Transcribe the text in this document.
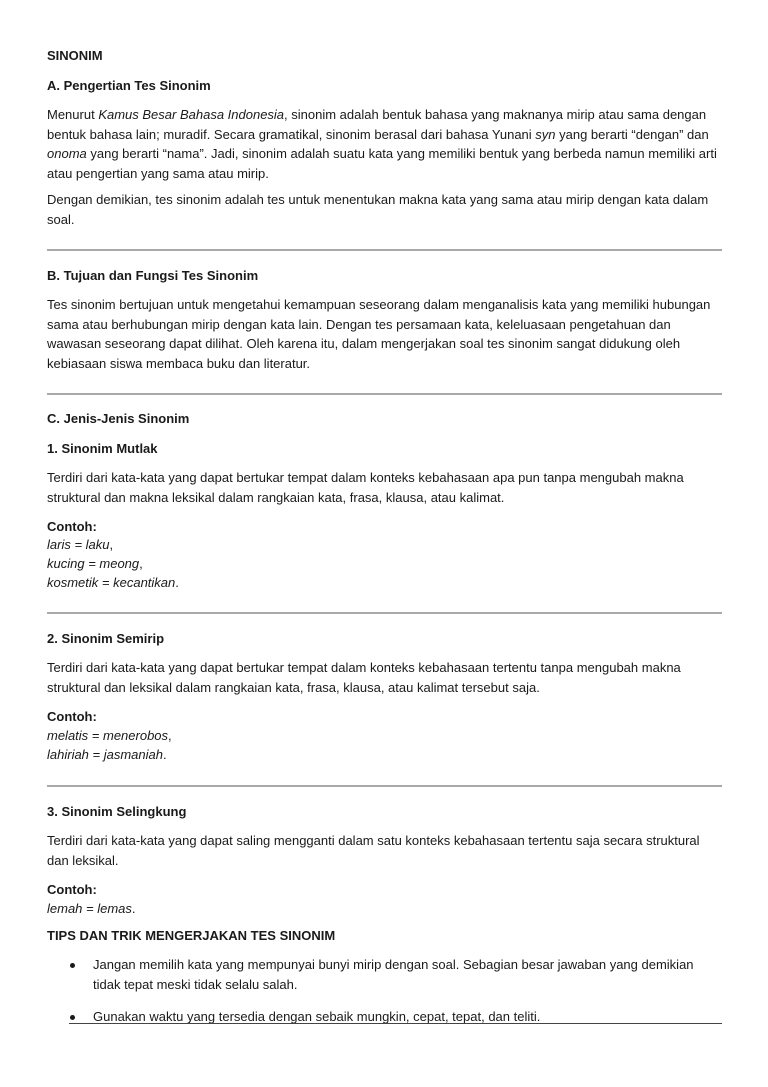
SINONIM
A. Pengertian Tes Sinonim

Menurut Kamus Besar Bahasa Indonesia, sinonim adalah bentuk bahasa yang maknanya mirip atau sama dengan bentuk bahasa lain; muradif. Secara gramatikal, sinonim berasal dari bahasa Yunani syn yang berarti “dengan” dan onoma yang berarti “nama”. Jadi, sinonim adalah suatu kata yang memiliki bentuk yang berbeda namun memiliki arti atau pengertian yang sama atau mirip.

Dengan demikian, tes sinonim adalah tes untuk menentukan makna kata yang sama atau mirip dengan kata dalam soal.

B. Tujuan dan Fungsi Tes Sinonim

Tes sinonim bertujuan untuk mengetahui kemampuan seseorang dalam menganalisis kata yang memiliki hubungan sama atau berhubungan mirip dengan kata lain. Dengan tes persamaan kata, keleluasaan pengetahuan dan wawasan seseorang dapat dilihat. Oleh karena itu, dalam mengerjakan soal tes sinonim sangat didukung oleh kebiasaan siswa membaca buku dan literatur.

C. Jenis-Jenis Sinonim
1. Sinonim Mutlak

Terdiri dari kata-kata yang dapat bertukar tempat dalam konteks kebahasaan apa pun tanpa mengubah makna struktural dan makna leksikal dalam rangkaian kata, frasa, klausa, atau kalimat.

Contoh:
laris = laku,
kucing = meong,
kosmetik = kecantikan.
2. Sinonim Semirip

Terdiri dari kata-kata yang dapat bertukar tempat dalam konteks kebahasaan tertentu tanpa mengubah makna struktural dan leksikal dalam rangkaian kata, frasa, klausa, atau kalimat tersebut saja.

Contoh:
melatis = menerobos,
lahiriah = jasmaniah.
3. Sinonim Selingkung

Terdiri dari kata-kata yang dapat saling mengganti dalam satu konteks kebahasaan tertentu saja secara struktural dan leksikal.

Contoh:
lemah = lemas.
TIPS DAN TRIK MENGERJAKAN TES SINONIM
Jangan memilih kata yang mempunyai bunyi mirip dengan soal. Sebagian besar jawaban yang demikian tidak tepat meski tidak selalu salah.
Gunakan waktu yang tersedia dengan sebaik mungkin, cepat, tepat, dan teliti.
